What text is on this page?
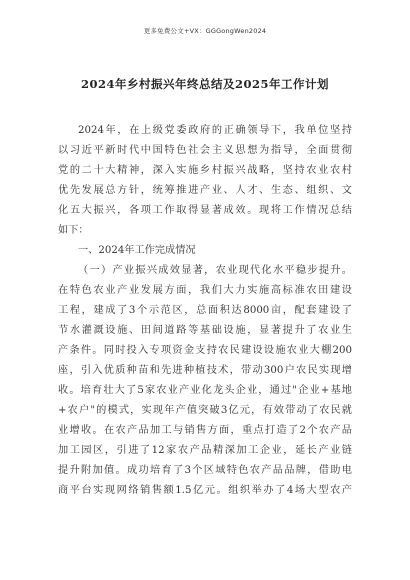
更多免费公文+VX：GGGongWen2024
2024年乡村振兴年终总结及2025年工作计划
2024年，在上级党委政府的正确领导下，我单位坚持
以习近平新时代中国特色社会主义思想为指导，全面贯彻
党的二十大精神，深入实施乡村振兴战略，坚持农业农村
优先发展总方针，统筹推进产业、人才、生态、组织、文
化五大振兴，各项工作取得显著成效。现将工作情况总结
如下：
一、2024年工作完成情况
（一）产业振兴成效显著，农业现代化水平稳步提升。
在特色农业产业发展方面，我们大力实施高标准农田建设
工程，建成了3个示范区，总面积达8000亩，配套建设了
节水灌溉设施、田间道路等基础设施，显著提升了农业生
产条件。同时投入专项资金支持农民建设设施农业大棚200
座，引入优质种苗和先进种植技术，带动300户农民实现增
收。培育壮大了5家农业产业化龙头企业，通过"企业+基地
+农户"的模式，实现年产值突破3亿元，有效带动了农民就
业增收。在农产品加工与销售方面，重点打造了2个农产品
加工园区，引进了12家农产品精深加工企业，延长产业链
提升附加值。成功培育了3个区域特色农产品品牌，借助电
商平台实现网络销售额1.5亿元。组织举办了4场大型农产
